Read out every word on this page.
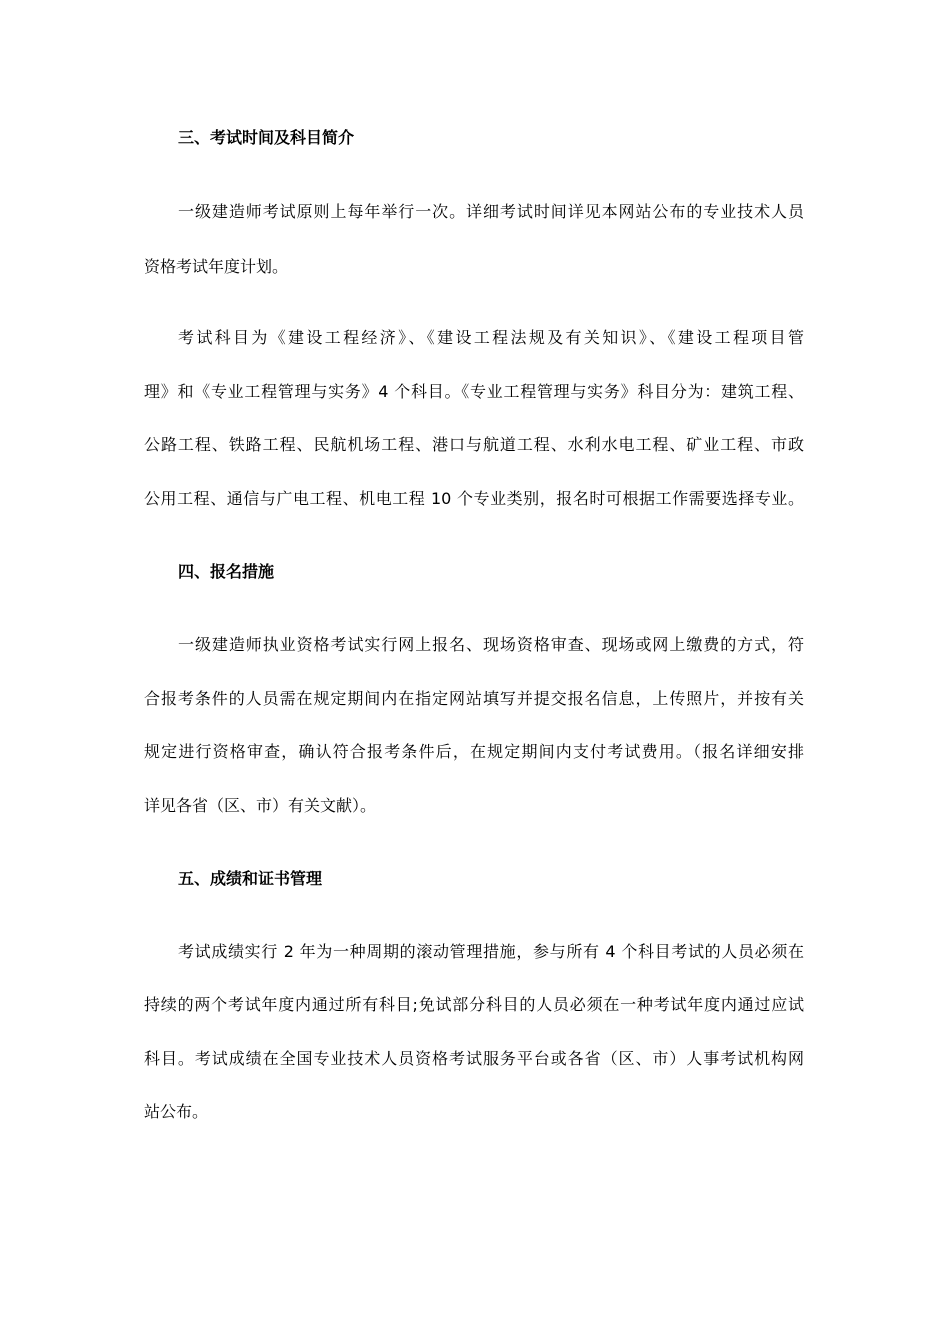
三、考试时间及科目简介
一级建造师考试原则上每年举行一次。详细考试时间详见本网站公布的专业技术人员
资格考试年度计划。
考试科目为《建设工程经济》、《建设工程法规及有关知识》、《建设工程项目管
理》和《专业工程管理与实务》4 个科目。《专业工程管理与实务》科目分为：建筑工程、
公路工程、铁路工程、民航机场工程、港口与航道工程、水利水电工程、矿业工程、市政
公用工程、通信与广电工程、机电工程 10 个专业类别，报名时可根据工作需要选择专业。
四、报名措施
一级建造师执业资格考试实行网上报名、现场资格审查、现场或网上缴费的方式，符
合报考条件的人员需在规定期间内在指定网站填写并提交报名信息，上传照片，并按有关
规定进行资格审查，确认符合报考条件后，在规定期间内支付考试费用。（报名详细安排
详见各省（区、市）有关文献）。
五、成绩和证书管理
考试成绩实行 2 年为一种周期的滚动管理措施，参与所有 4 个科目考试的人员必须在
持续的两个考试年度内通过所有科目;免试部分科目的人员必须在一种考试年度内通过应试
科目。考试成绩在全国专业技术人员资格考试服务平台或各省（区、市）人事考试机构网
站公布。
